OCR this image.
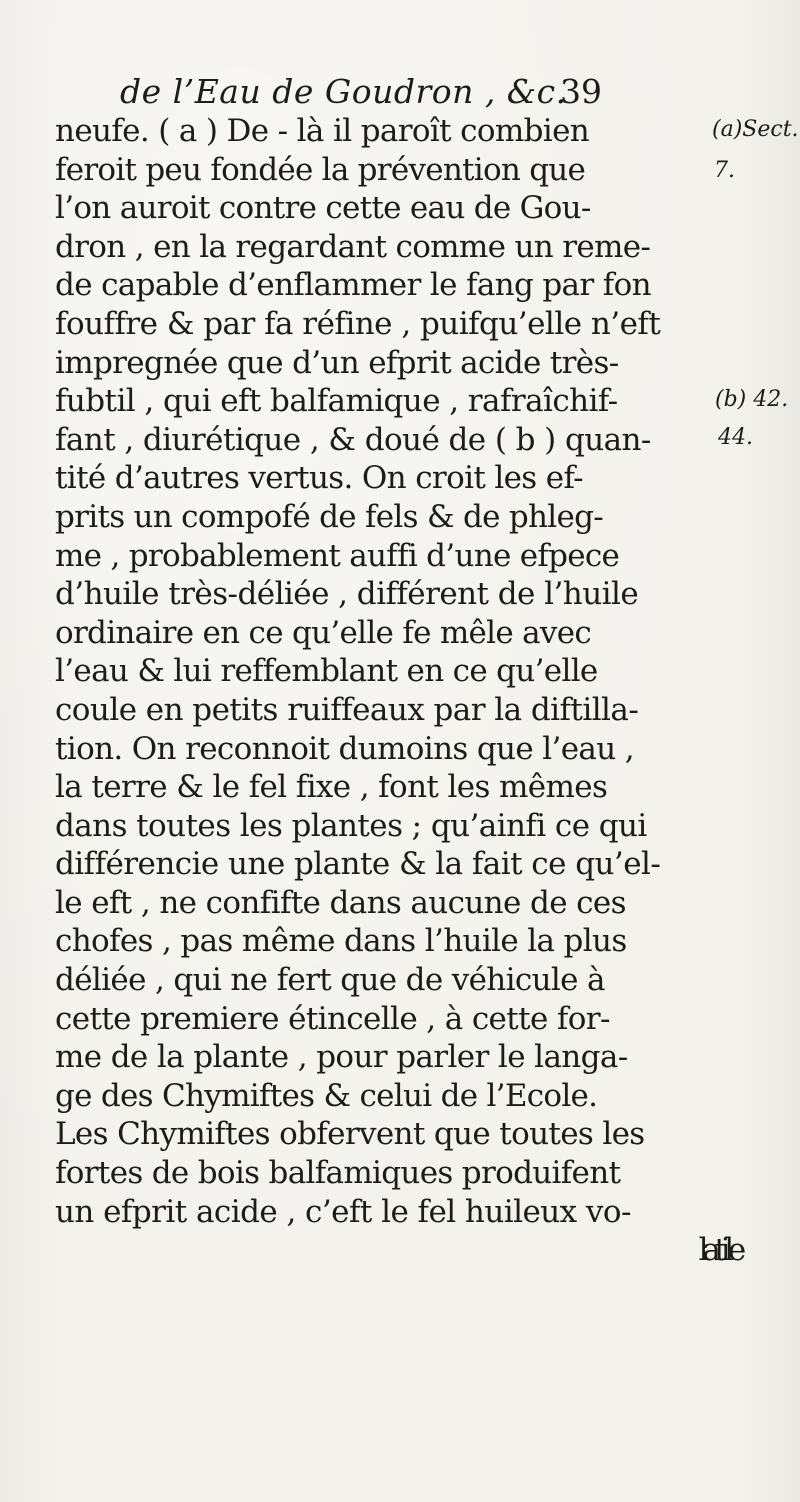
de l’Eau de Goudron , &c.
39
(a)Sect.
7.
(b) 42.
44.
neufe. ( a ) De - là il paroît combien
feroit peu fondée la prévention que
l’on auroit contre cette eau de Gou-
dron , en la regardant comme un reme-
de capable d’enflammer le fang par fon
fouffre & par fa réfine , puifqu’elle n’eft
impregnée que d’un efprit acide très-
fubtil , qui eft balfamique , rafraîchif-
fant , diurétique , & doué de ( b ) quan-
tité d’autres vertus. On croit les ef-
prits un compofé de fels & de phleg-
me , probablement auffi d’une efpece
d’huile très-déliée , différent de l’huile
ordinaire en ce qu’elle fe mêle avec
l’eau & lui reffemblant en ce qu’elle
coule en petits ruiffeaux par la diftilla-
tion. On reconnoit dumoins que l’eau ,
la terre & le fel fixe , font les mêmes
dans toutes les plantes ; qu’ainfi ce qui
différencie une plante & la fait ce qu’el-
le eft , ne confifte dans aucune de ces
chofes , pas même dans l’huile la plus
déliée , qui ne fert que de véhicule à
cette premiere étincelle , à cette for-
me de la plante , pour parler le langa-
ge des Chymiftes & celui de l’Ecole.
Les Chymiftes obfervent que toutes les
fortes de bois balfamiques produifent
un efprit acide , c’eft le fel huileux vo-
latile
